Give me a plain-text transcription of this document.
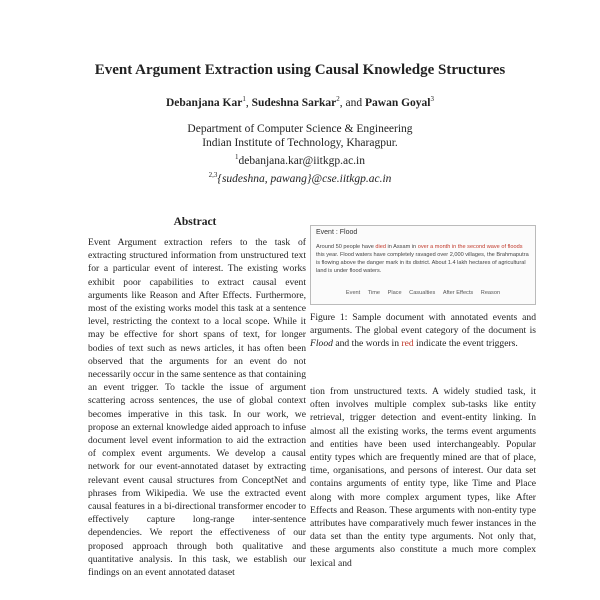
Event Argument Extraction using Causal Knowledge Structures
Debanjana Kar$^1$, Sudeshna Sarkar$^2$, and Pawan Goyal$^3$
Department of Computer Science & Engineering
Indian Institute of Technology, Kharagpur.
$^1$debanjana.kar@iitkgp.ac.in
$^{2,3}${sudeshna, pawang}@cse.iitkgp.ac.in
Abstract
Event Argument extraction refers to the task of extracting structured information from unstructured text for a particular event of interest. The existing works exhibit poor capabilities to extract causal event arguments like Reason and After Effects. Furthermore, most of the existing works model this task at a sentence level, restricting the context to a local scope. While it may be effective for short spans of text, for longer bodies of text such as news articles, it has often been observed that the arguments for an event do not necessarily occur in the same sentence as that containing an event trigger. To tackle the issue of argument scattering across sentences, the use of global context becomes imperative in this task. In our work, we propose an external knowledge aided approach to infuse document level event information to aid the extraction of complex event arguments. We develop a causal network for our event-annotated dataset by extracting relevant event causal structures from ConceptNet and phrases from Wikipedia. We use the extracted event causal features in a bi-directional transformer encoder to effectively capture long-range inter-sentence dependencies. We report the effectiveness of our proposed approach through both qualitative and quantitative analysis. In this task, we establish our findings on an event annotated dataset
Event : Flood
Around 50 people have died in Assam in over a month in the second wave of floods this year. Flood waters have completely ravaged over 2,000 villages, the Brahmaputra is flowing above the danger mark in its district. About 1.4 lakh hectares of agricultural land is under flood waters.
Event Time Place Casualties After Effects Reason
Figure 1: Sample document with annotated events and arguments. The global event category of the document is Flood and the words in red indicate the event triggers.
tion from unstructured texts. A widely studied task, it often involves multiple complex sub-tasks like entity retrieval, trigger detection and event-entity linking. In almost all the existing works, the terms event arguments and entities have been used interchangeably. Popular entity types which are frequently mined are that of place, time, organisations, and persons of interest. Our data set contains arguments of entity type, like Time and Place along with more complex argument types, like After Effects and Reason. These arguments with non-entity type attributes have comparatively much fewer instances in the data set than the entity type arguments. Not only that, these arguments also constitute a much more complex lexical and
